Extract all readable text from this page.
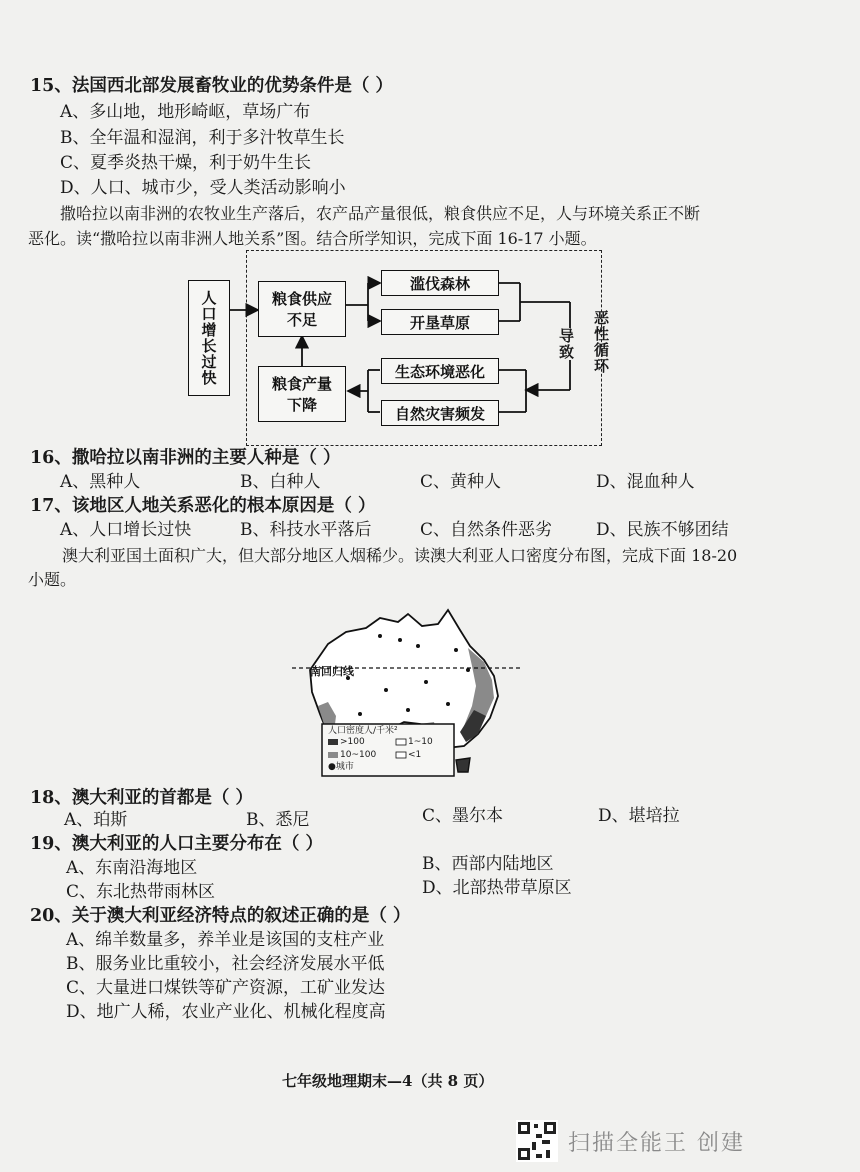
15、法国西北部发展畜牧业的优势条件是（ ）
A、多山地，地形崎岖，草场广布
B、全年温和湿润，利于多汁牧草生长
C、夏季炎热干燥，利于奶牛生长
D、人口、城市少，受人类活动影响小
撒哈拉以南非洲的农牧业生产落后，农产品产量很低，粮食供应不足，人与环境关系正不断
恶化。读“撒哈拉以南非洲人地关系”图。结合所学知识，完成下面 16-17 小题。
人口增长过快	粮食供应不足
粮食产量下降
滥伐森林
开垦草原
生态环境恶化
自然灾害频发
导致 恶性循环
16、撒哈拉以南非洲的主要人种是（ ）
A、黑种人	B、白种人	C、黄种人	D、混血种人
17、该地区人地关系恶化的根本原因是（ ）
A、人口增长过快	B、科技水平落后	C、自然条件恶劣	D、民族不够团结
澳大利亚国土面积广大，但大部分地区人烟稀少。读澳大利亚人口密度分布图，完成下面 18-20
小题。
南回归线
人口密度人/千米²
>100	1~10
10~100	<1
●城市
18、澳大利亚的首都是（ ）
A、珀斯	B、悉尼	C、墨尔本	D、堪培拉
19、澳大利亚的人口主要分布在（ ）
A、东南沿海地区	B、西部内陆地区
C、东北热带雨林区	D、北部热带草原区
20、关于澳大利亚经济特点的叙述正确的是（ ）
A、绵羊数量多，养羊业是该国的支柱产业
B、服务业比重较小，社会经济发展水平低
C、大量进口煤铁等矿产资源，工矿业发达
D、地广人稀，农业产业化、机械化程度高
七年级地理期末—4（共 8 页）
扫描全能王 创建
